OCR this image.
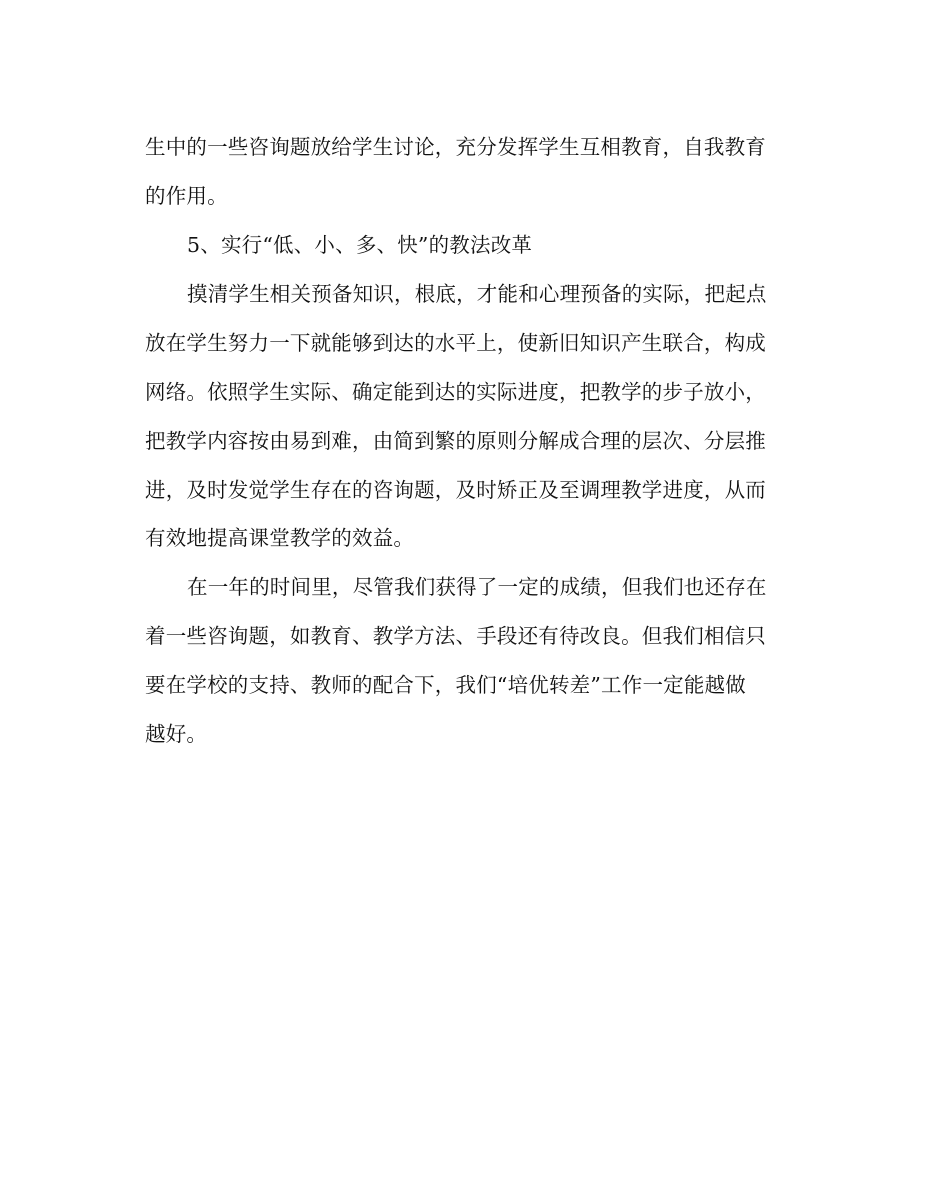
生中的一些咨询题放给学生讨论，充分发挥学生互相教育，自我教育
的作用。
5、实行“低、小、多、快”的教法改革
摸清学生相关预备知识，根底，才能和心理预备的实际，把起点
放在学生努力一下就能够到达的水平上，使新旧知识产生联合，构成
网络。依照学生实际、确定能到达的实际进度，把教学的步子放小，
把教学内容按由易到难，由简到繁的原则分解成合理的层次、分层推
进，及时发觉学生存在的咨询题，及时矫正及至调理教学进度，从而
有效地提高课堂教学的效益。
在一年的时间里，尽管我们获得了一定的成绩，但我们也还存在
着一些咨询题，如教育、教学方法、手段还有待改良。但我们相信只
要在学校的支持、教师的配合下，我们“培优转差”工作一定能越做
越好。
